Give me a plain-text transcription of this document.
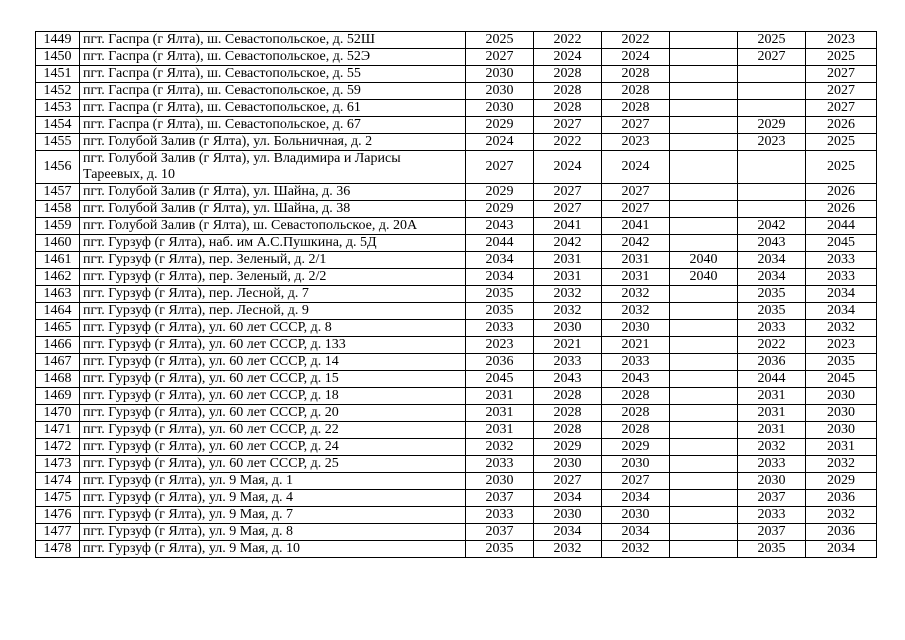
1449	пгт. Гаспра (г Ялта), ш. Севастопольское, д. 52Ш	2025	2022	2022		2025	2023
1450	пгт. Гаспра (г Ялта), ш. Севастопольское, д. 52Э	2027	2024	2024		2027	2025
1451	пгт. Гаспра (г Ялта), ш. Севастопольское, д. 55	2030	2028	2028			2027
1452	пгт. Гаспра (г Ялта), ш. Севастопольское, д. 59	2030	2028	2028			2027
1453	пгт. Гаспра (г Ялта), ш. Севастопольское, д. 61	2030	2028	2028			2027
1454	пгт. Гаспра (г Ялта), ш. Севастопольское, д. 67	2029	2027	2027		2029	2026
1455	пгт. Голубой Залив (г Ялта), ул. Больничная, д. 2	2024	2022	2023		2023	2025
1456	пгт. Голубой Залив (г Ялта), ул. Владимира и Ларисы Тареевых, д. 10	2027	2024	2024			2025
1457	пгт. Голубой Залив (г Ялта), ул. Шайна, д. 36	2029	2027	2027			2026
1458	пгт. Голубой Залив (г Ялта), ул. Шайна, д. 38	2029	2027	2027			2026
1459	пгт. Голубой Залив (г Ялта), ш. Севастопольское, д. 20А	2043	2041	2041		2042	2044
1460	пгт. Гурзуф (г Ялта), наб. им А.С.Пушкина, д. 5Д	2044	2042	2042		2043	2045
1461	пгт. Гурзуф (г Ялта), пер. Зеленый, д. 2/1	2034	2031	2031	2040	2034	2033
1462	пгт. Гурзуф (г Ялта), пер. Зеленый, д. 2/2	2034	2031	2031	2040	2034	2033
1463	пгт. Гурзуф (г Ялта), пер. Лесной, д. 7	2035	2032	2032		2035	2034
1464	пгт. Гурзуф (г Ялта), пер. Лесной, д. 9	2035	2032	2032		2035	2034
1465	пгт. Гурзуф (г Ялта), ул. 60 лет СССР, д. 8	2033	2030	2030		2033	2032
1466	пгт. Гурзуф (г Ялта), ул. 60 лет СССР, д. 133	2023	2021	2021		2022	2023
1467	пгт. Гурзуф (г Ялта), ул. 60 лет СССР, д. 14	2036	2033	2033		2036	2035
1468	пгт. Гурзуф (г Ялта), ул. 60 лет СССР, д. 15	2045	2043	2043		2044	2045
1469	пгт. Гурзуф (г Ялта), ул. 60 лет СССР, д. 18	2031	2028	2028		2031	2030
1470	пгт. Гурзуф (г Ялта), ул. 60 лет СССР, д. 20	2031	2028	2028		2031	2030
1471	пгт. Гурзуф (г Ялта), ул. 60 лет СССР, д. 22	2031	2028	2028		2031	2030
1472	пгт. Гурзуф (г Ялта), ул. 60 лет СССР, д. 24	2032	2029	2029		2032	2031
1473	пгт. Гурзуф (г Ялта), ул. 60 лет СССР, д. 25	2033	2030	2030		2033	2032
1474	пгт. Гурзуф (г Ялта), ул. 9 Мая, д. 1	2030	2027	2027		2030	2029
1475	пгт. Гурзуф (г Ялта), ул. 9 Мая, д. 4	2037	2034	2034		2037	2036
1476	пгт. Гурзуф (г Ялта), ул. 9 Мая, д. 7	2033	2030	2030		2033	2032
1477	пгт. Гурзуф (г Ялта), ул. 9 Мая, д. 8	2037	2034	2034		2037	2036
1478	пгт. Гурзуф (г Ялта), ул. 9 Мая, д. 10	2035	2032	2032		2035	2034
